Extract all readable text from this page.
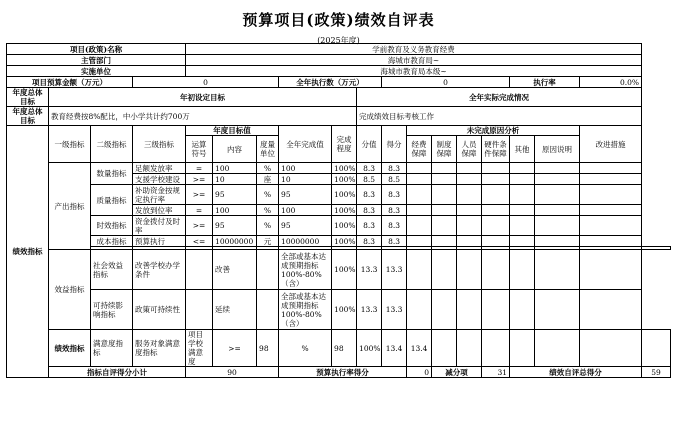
预算项目(政策)绩效自评表
(2025年度)
项目(政策)名称				学前教育及义务教育经费														
主管部门				海城市教育局~														
实施单位				海城市教育局本级~														
项目预算金额（万元）			0				全年执行数（万元）			0					执行率		0.0%	
年度总体目标	年初设定目标								全年实际完成情况									
年度总体目标	教育经费按8%配比，中小学共计约700万								完成绩效目标考核工作									
绩效指标	一级指标	二级指标	三级指标	年度目标值			全年完成值	完成程度	分值	得分	未完成原因分析						改进措施	
				运算符号	内容	度量单位					经费保障	制度保障	人员保障	硬件条件保障	其他	原因说明		

	产出指标	数量指标	足额发放率	=	100	%	100	100%	8.3	8.3								
			支援学校建设	>=	10	座	10	100%	8.5	8.5								
		质量指标	补助资金按规定执行率	>=	95	%	95	100%	8.3	8.3								
			发放到位率	=	100	%	100	100%	8.3	8.3								
		时效指标	资金拨付及时率	>=	95	%	95	100%	8.3	8.3								
		成本指标	预算执行	<=	10000000	元	10000000	100%	8.3	8.3								

	效益指标	社会效益指标	改善学校办学条件		改善		全部或基本达成预期指标100%-80%（含）	100%	13.3	13.3								
		可持续影响指标	政策可持续性		延续		全部或基本达成预期指标100%-80%（含）	100%	13.3	13.3								
	绩效指标	满意度指标	服务对象满意度指标	项目学校满意度	>=	98	%	98	100%	13.4	13.4							
	指标自评得分小计			90			预算执行率得分				0	减分项		31	绩效自评总得分			59
